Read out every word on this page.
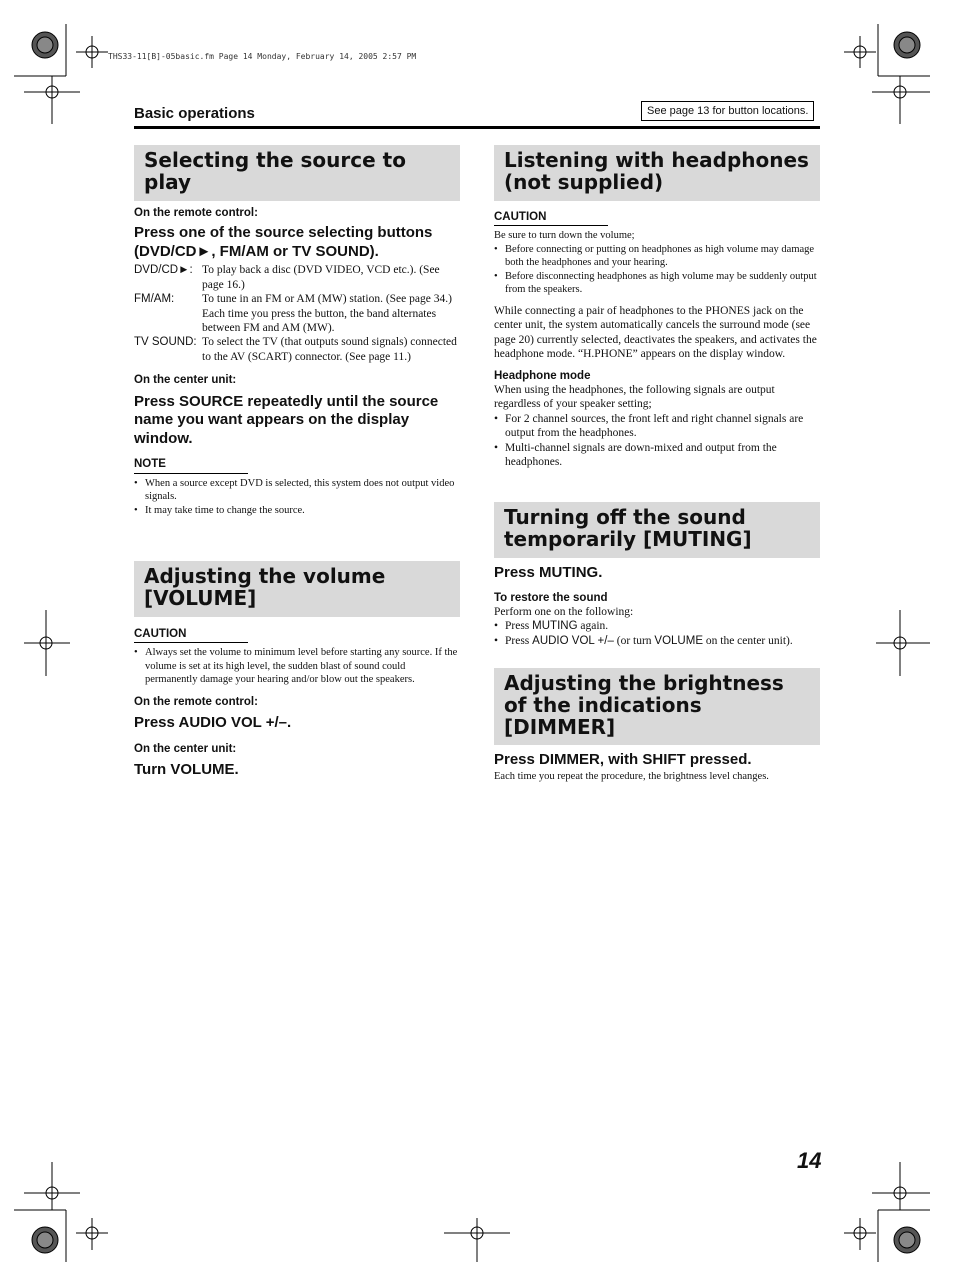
THS33-11[B]-05basic.fm Page 14 Monday, February 14, 2005 2:57 PM
Basic operations	See page 13 for button locations.
Selecting the source to play

On the remote control:

Press one of the source selecting buttons (DVD/CD►, FM/AM or TV SOUND).

DVD/CD►: To play back a disc (DVD VIDEO, VCD etc.). (See page 16.)
FM/AM:	To tune in an FM or AM (MW) station. (See page 34.)
Each time you press the button, the band alternates between FM and AM (MW).
TV SOUND: To select the TV (that outputs sound signals) connected to the AV (SCART) connector. (See page 11.)

On the center unit:

Press SOURCE repeatedly until the source name you want appears on the display window.

NOTE

• When a source except DVD is selected, this system does not output video signals.
• It may take time to change the source.
Adjusting the volume [VOLUME]

CAUTION

• Always set the volume to minimum level before starting any source. If the volume is set at its high level, the sudden blast of sound could permanently damage your hearing and/or blow out the speakers.

On the remote control:

Press AUDIO VOL +/–.

On the center unit:

Turn VOLUME.

Listening with headphones (not supplied)

CAUTION

Be sure to turn down the volume;

• Before connecting or putting on headphones as high volume may damage both the headphones and your hearing.
• Before disconnecting headphones as high volume may be suddenly output from the speakers.

While connecting a pair of headphones to the PHONES jack on the center unit, the system automatically cancels the surround mode (see page 20) currently selected, deactivates the speakers, and activates the headphone mode. “H.PHONE” appears on the display window.

Headphone mode

When using the headphones, the following signals are output regardless of your speaker setting;

• For 2 channel sources, the front left and right channel signals are output from the headphones.
• Multi-channel signals are down-mixed and output from the headphones.
Turning off the sound temporarily [MUTING]

Press MUTING.

To restore the sound

Perform one on the following:

• Press MUTING again.
• Press AUDIO VOL +/– (or turn VOLUME on the center unit).
Adjusting the brightness of the indications [DIMMER]

Press DIMMER, with SHIFT pressed.

Each time you repeat the procedure, the brightness level changes.

14
